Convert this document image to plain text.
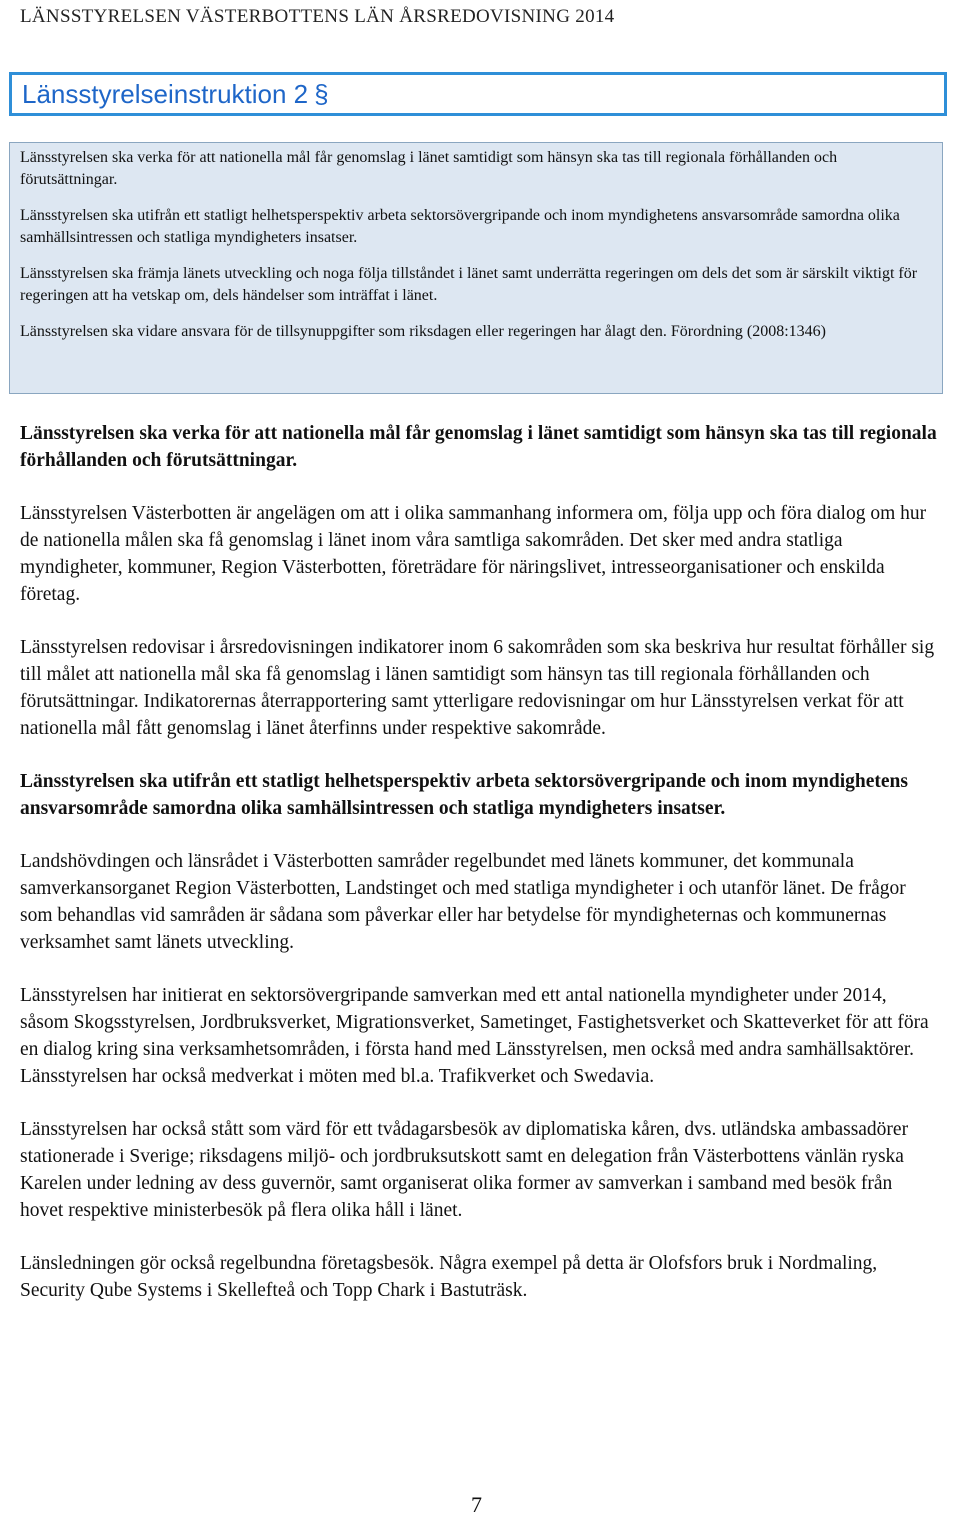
LÄNSSTYRELSEN VÄSTERBOTTENS LÄN ÅRSREDOVISNING 2014
Länsstyrelseinstruktion 2 §

Länsstyrelsen ska verka för att nationella mål får genomslag i länet samtidigt som hänsyn ska tas till regionala förhållanden och förutsättningar.

Länsstyrelsen ska utifrån ett statligt helhetsperspektiv arbeta sektorsövergripande och inom myndighetens ansvarsområde samordna olika samhällsintressen och statliga myndigheters insatser.

Länsstyrelsen ska främja länets utveckling och noga följa tillståndet i länet samt underrätta regeringen om dels det som är särskilt viktigt för regeringen att ha vetskap om, dels händelser som inträffat i länet.

Länsstyrelsen ska vidare ansvara för de tillsynuppgifter som riksdagen eller regeringen har ålagt den. Förordning (2008:1346)

Länsstyrelsen ska verka för att nationella mål får genomslag i länet samtidigt som hänsyn ska tas till regionala förhållanden och förutsättningar.

Länsstyrelsen Västerbotten är angelägen om att i olika sammanhang informera om, följa upp och föra dialog om hur de nationella målen ska få genomslag i länet inom våra samtliga sakområden. Det sker med andra statliga myndigheter, kommuner, Region Västerbotten, företrädare för näringslivet, intresseorganisationer och enskilda företag.

Länsstyrelsen redovisar i årsredovisningen indikatorer inom 6 sakområden som ska beskriva hur resultat förhåller sig till målet att nationella mål ska få genomslag i länen samtidigt som hänsyn tas till regionala förhållanden och förutsättningar. Indikatorernas återrapportering samt ytterligare redovisningar om hur Länsstyrelsen verkat för att nationella mål fått genomslag i länet återfinns under respektive sakområde.

Länsstyrelsen ska utifrån ett statligt helhetsperspektiv arbeta sektorsövergripande och inom myndighetens ansvarsområde samordna olika samhällsintressen och statliga myndigheters insatser.

Landshövdingen och länsrådet i Västerbotten samråder regelbundet med länets kommuner, det kommunala samverkansorganet Region Västerbotten, Landstinget och med statliga myndigheter i och utanför länet. De frågor som behandlas vid samråden är sådana som påverkar eller har betydelse för myndigheternas och kommunernas verksamhet samt länets utveckling.

Länsstyrelsen har initierat en sektorsövergripande samverkan med ett antal nationella myndigheter under 2014, såsom Skogsstyrelsen, Jordbruksverket, Migrationsverket, Sametinget, Fastighetsverket och Skatteverket för att föra en dialog kring sina verksamhetsområden, i första hand med Länsstyrelsen, men också med andra samhällsaktörer. Länsstyrelsen har också medverkat i möten med bl.a. Trafikverket och Swedavia.

Länsstyrelsen har också stått som värd för ett tvådagarsbesök av diplomatiska kåren, dvs. utländska ambassadörer stationerade i Sverige; riksdagens miljö- och jordbruksutskott samt en delegation från Västerbottens vänlän ryska Karelen under ledning av dess guvernör, samt organiserat olika former av samverkan i samband med besök från hovet respektive ministerbesök på flera olika håll i länet.

Länsledningen gör också regelbundna företagsbesök. Några exempel på detta är Olofsfors bruk i Nordmaling, Security Qube Systems i Skellefteå och Topp Chark i Bastuträsk.

7
